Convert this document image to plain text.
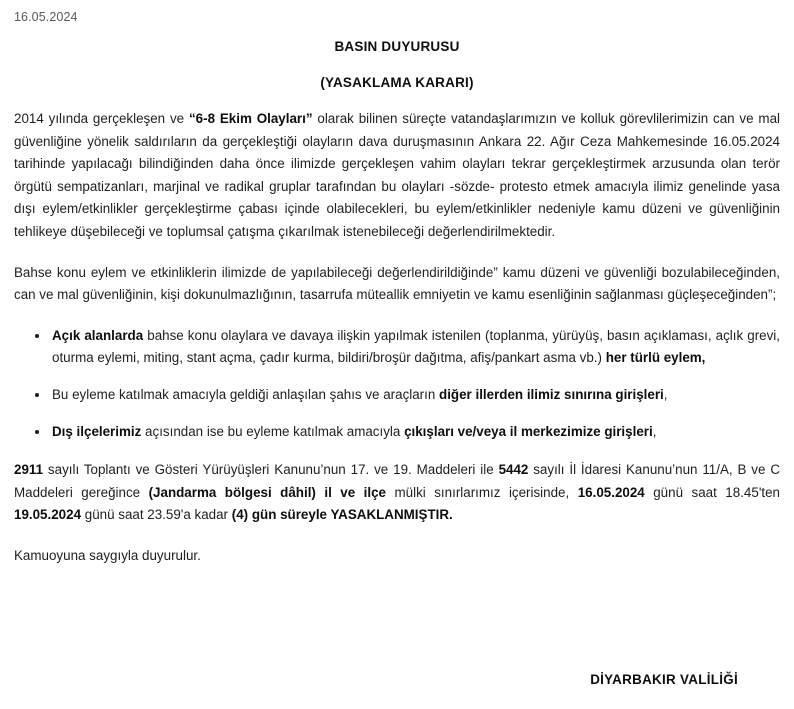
16.05.2024
BASIN DUYURUSU
(YASAKLAMA KARARI)

2014 yılında gerçekleşen ve “6-8 Ekim Olayları” olarak bilinen süreçte vatandaşlarımızın ve kolluk görevlilerimizin can ve mal güvenliğine yönelik saldırıların da gerçekleştiği olayların dava duruşmasının Ankara 22. Ağır Ceza Mahkemesinde 16.05.2024 tarihinde yapılacağı bilindiğinden daha önce ilimizde gerçekleşen vahim olayları tekrar gerçekleştirmek arzusunda olan terör örgütü sempatizanları, marjinal ve radikal gruplar tarafından bu olayları -sözde- protesto etmek amacıyla ilimiz genelinde yasa dışı eylem/etkinlikler gerçekleştirme çabası içinde olabilecekleri, bu eylem/etkinlikler nedeniyle kamu düzeni ve güvenliğinin tehlikeye düşebileceği ve toplumsal çatışma çıkarılmak istenebileceği değerlendirilmektedir.

Bahse konu eylem ve etkinliklerin ilimizde de yapılabileceği değerlendirildiğinde” kamu düzeni ve güvenliği bozulabileceğinden, can ve mal güvenliğinin, kişi dokunulmazlığının, tasarrufa müteallik emniyetin ve kamu esenliğinin sağlanması güçleşeceğinden”;

Açık alanlarda bahse konu olaylara ve davaya ilişkin yapılmak istenilen (toplanma, yürüyüş, basın açıklaması, açlık grevi, oturma eylemi, miting, stant açma, çadır kurma, bildiri/broşür dağıtma, afiş/pankart asma vb.) her türlü eylem,
Bu eyleme katılmak amacıyla geldiği anlaşılan şahıs ve araçların diğer illerden ilimiz sınırına girişleri,
Dış ilçelerimiz açısından ise bu eyleme katılmak amacıyla çıkışları ve/veya il merkezimize girişleri,

2911 sayılı Toplantı ve Gösteri Yürüyüşleri Kanunu’nun 17. ve 19. Maddeleri ile 5442 sayılı İl İdaresi Kanunu’nun 11/A, B ve C Maddeleri gereğince (Jandarma bölgesi dâhil) il ve ilçe mülki sınırlarımız içerisinde, 16.05.2024 günü saat 18.45'ten 19.05.2024 günü saat 23.59'a kadar (4) gün süreyle YASAKLANMIŞTIR.

Kamuoyuna saygıyla duyurulur.

DİYARBAKIR VALİLİĞİ
